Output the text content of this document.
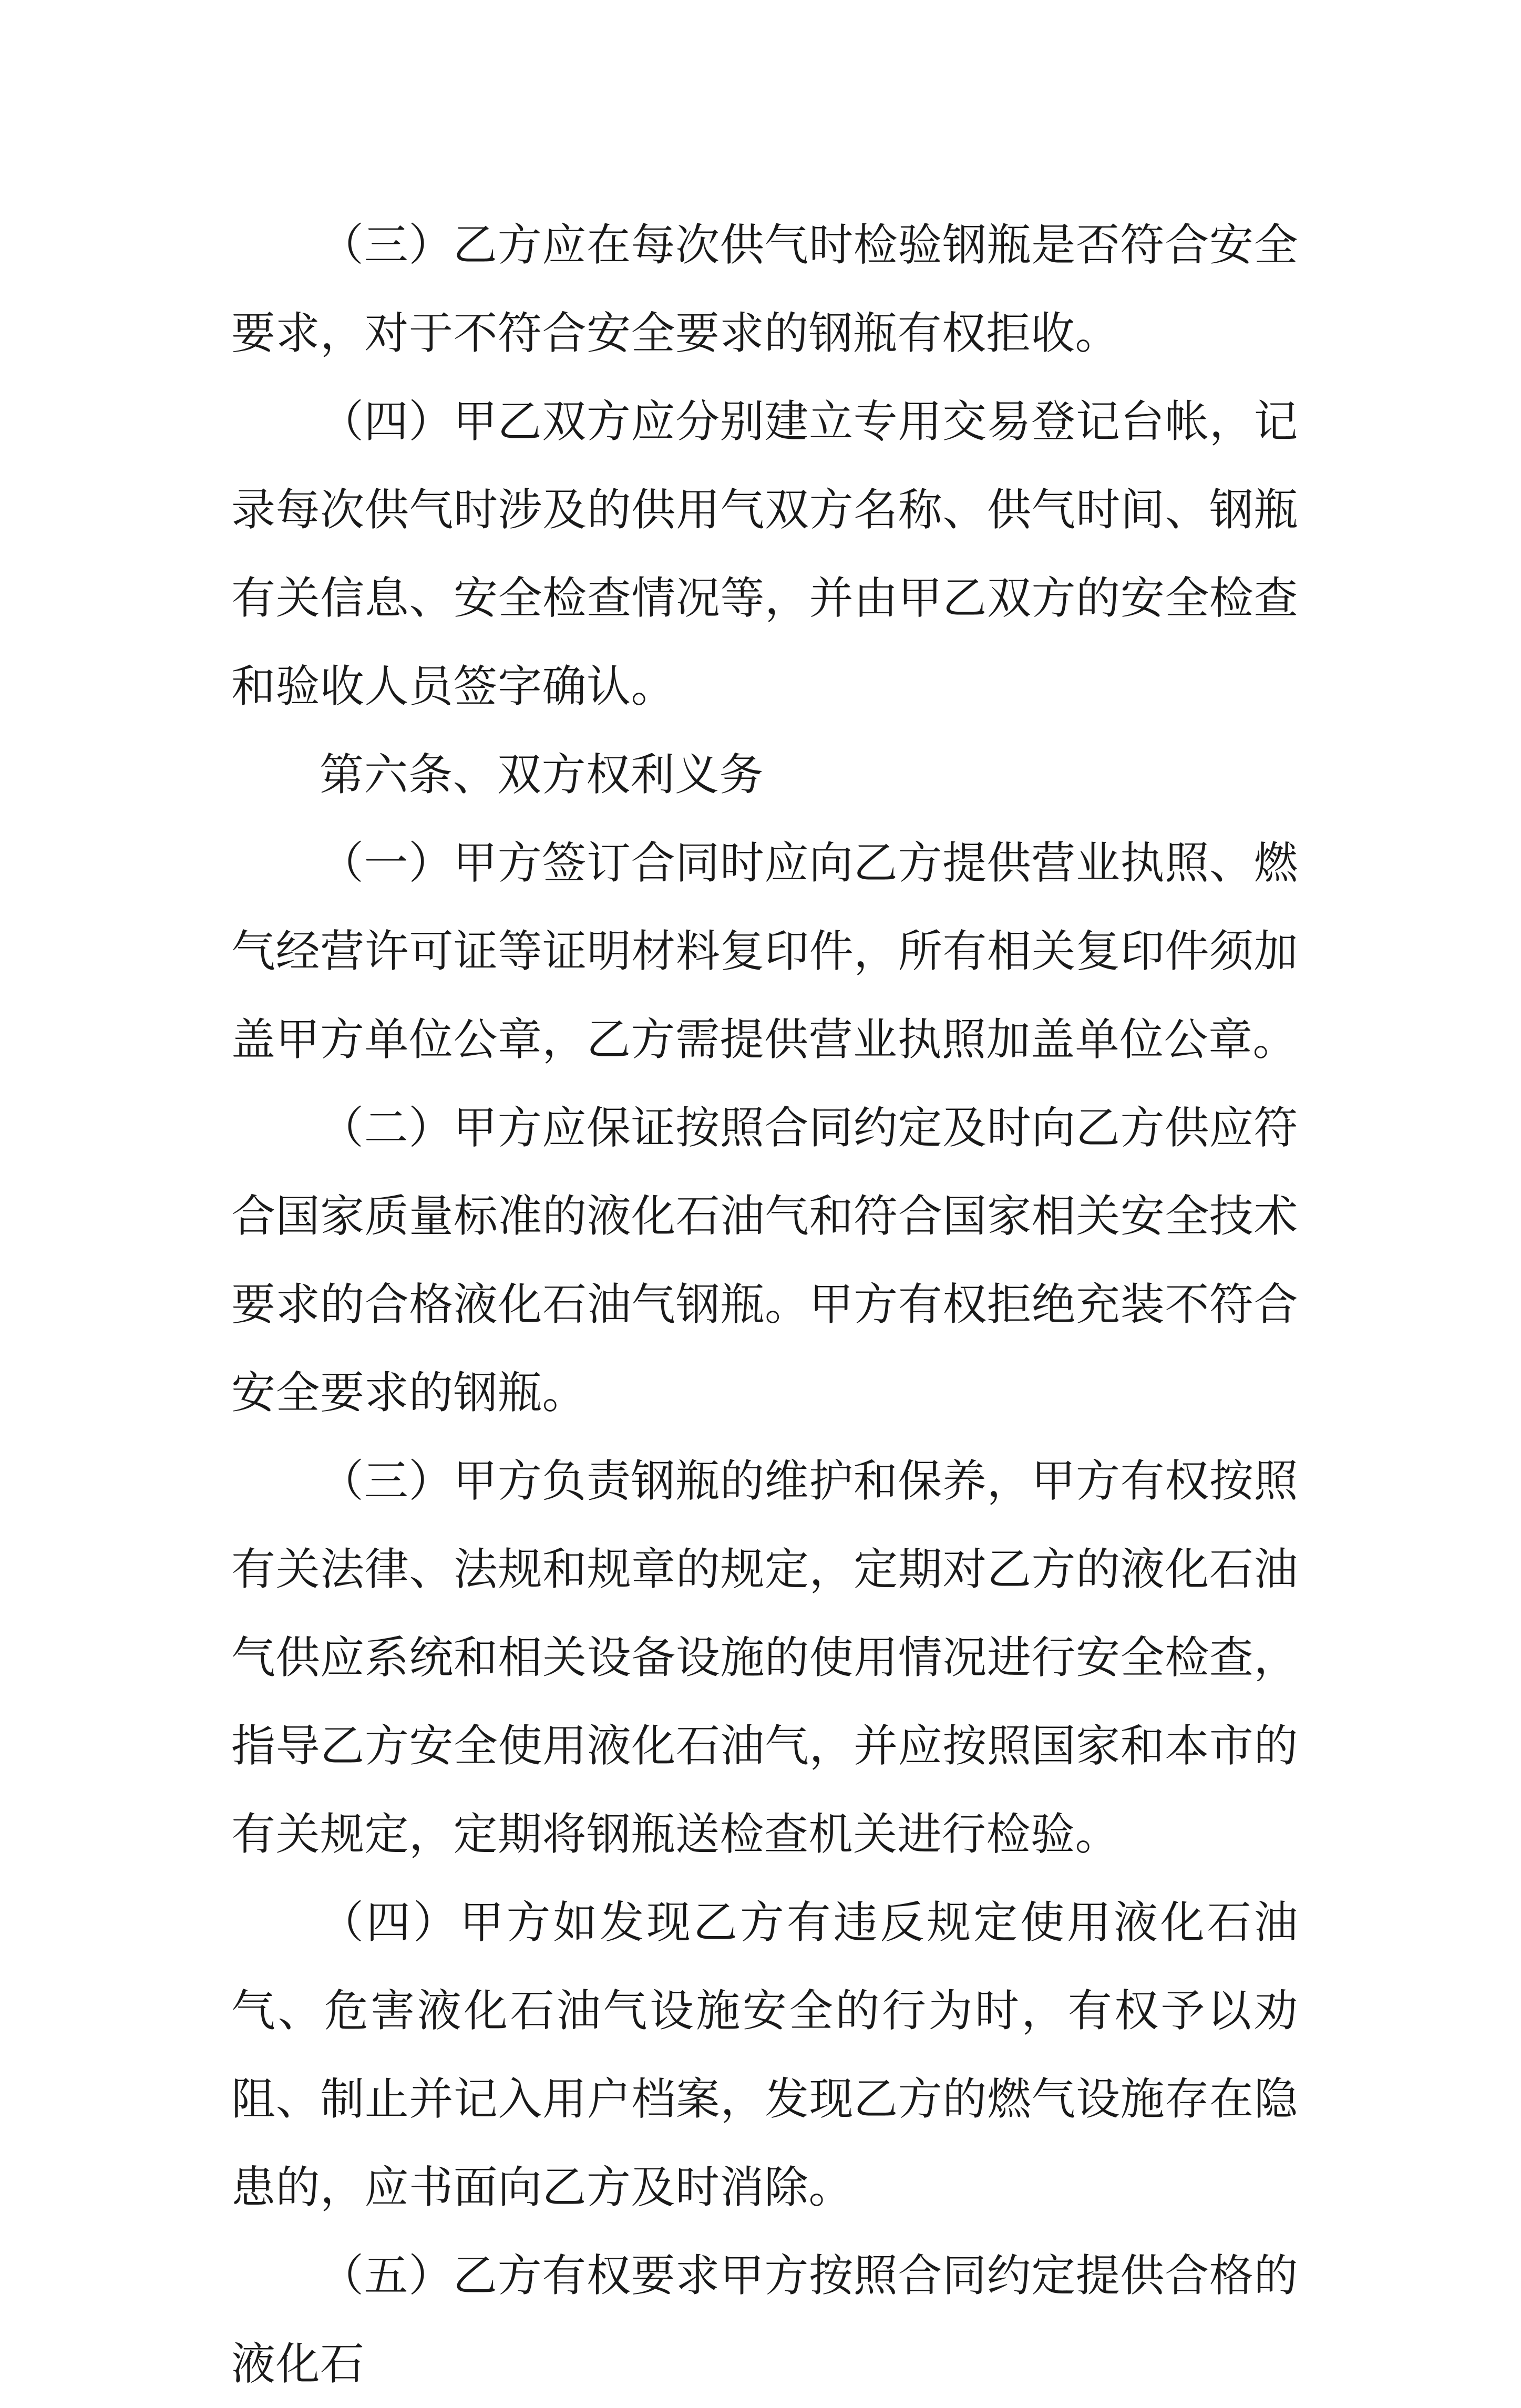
（三）乙方应在每次供气时检验钢瓶是否符合安全要求，对于不符合安全要求的钢瓶有权拒收。

（四）甲乙双方应分别建立专用交易登记台帐，记录每次供气时涉及的供用气双方名称、供气时间、钢瓶有关信息、安全检查情况等，并由甲乙双方的安全检查和验收人员签字确认。

第六条、双方权利义务

（一）甲方签订合同时应向乙方提供营业执照、燃气经营许可证等证明材料复印件，所有相关复印件须加盖甲方单位公章，乙方需提供营业执照加盖单位公章。

（二）甲方应保证按照合同约定及时向乙方供应符合国家质量标准的液化石油气和符合国家相关安全技术要求的合格液化石油气钢瓶。甲方有权拒绝充装不符合安全要求的钢瓶。

（三）甲方负责钢瓶的维护和保养，甲方有权按照有关法律、法规和规章的规定，定期对乙方的液化石油气供应系统和相关设备设施的使用情况进行安全检查，指导乙方安全使用液化石油气，并应按照国家和本市的有关规定，定期将钢瓶送检查机关进行检验。

（四）甲方如发现乙方有违反规定使用液化石油气、危害液化石油气设施安全的行为时，有权予以劝阻、制止并记入用户档案，发现乙方的燃气设施存在隐患的，应书面向乙方及时消除。

（五）乙方有权要求甲方按照合同约定提供合格的液化石
